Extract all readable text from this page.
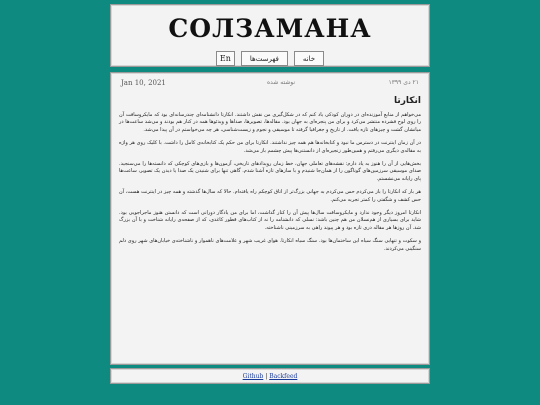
СОЛЗАМАНА
En	فهرست‌ها	خانه
Jan 10, 2021	نوشته شده	۲۱ دی ۱۳۹۹
انکارتا

می‌خواهم از منابع آموزنده‌ای در دوران کودکی یاد کنم که در شکل‌گیری من نقش داشتند. انکارتا دانشنامه‌ای چندرسانه‌ای بود که مایکروسافت آن را روی لوح فشرده منتشر می‌کرد و برای من پنجره‌ای به جهان بود. مقاله‌ها، تصویرها، صداها و ویدئوها همه در کنار هم بودند و می‌شد ساعت‌ها در میانشان گشت و چیزهای تازه یافت. از تاریخ و جغرافیا گرفته تا موسیقی و نجوم و زیست‌شناسی، هر چه می‌خواستم در آن پیدا می‌شد.

در آن زمان اینترنت در دسترس ما نبود و کتابخانه‌ها هم همه چیز نداشتند. انکارتا برای من حکم یک کتابخانه‌ی کامل را داشت. با کلیک روی هر واژه به مقاله‌ی دیگری می‌رفتم و همین‌طور زنجیره‌ای از دانستنی‌ها پیش چشمم باز می‌شد.

بخش‌هایی از آن را هنوز به یاد دارم: نقشه‌های تعاملی جهان، خط زمان رویدادهای تاریخی، آزمون‌ها و بازی‌های کوچکی که دانسته‌ها را می‌سنجید. صدای موسیقی سرزمین‌های گوناگون را از همان‌جا شنیدم و با سازهای تازه آشنا شدم. گاهی تنها برای شنیدن یک صدا یا دیدن یک تصویر، ساعت‌ها پای رایانه می‌نشستم.

هر بار که انکارتا را باز می‌کردم حس می‌کردم به جهانی بزرگ‌تر از اتاق کوچکم راه یافته‌ام. حالا که سال‌ها گذشته و همه چیز در اینترنت هست، آن حس کشف و شگفتی را کمتر تجربه می‌کنم.

انکارتا امروز دیگر وجود ندارد و مایکروسافت سال‌ها پیش آن را کنار گذاشت، اما برای من یادگار دورانی است که دانستن هنوز ماجراجویی بود. شاید برای بسیاری از هم‌نسلان من هم چنین باشد: نسلی که دانشنامه را نه از کتاب‌های قطور کاغذی، که از صفحه‌ی رایانه شناخت و با آن بزرگ شد. آن روزها هر مقاله دری تازه بود و هر پیوند راهی به سرزمینی ناشناخته.

و سکوت و تنهایی سنگ سیاه این ساختمان‌ها بود. سنگ سیاه انکارتا. هوای غریب شهر و علامت‌های ناهموار و ناشناخته‌ی خیابان‌های شهر روی دلم سنگینی می‌کردند.

Github | Backfeed
